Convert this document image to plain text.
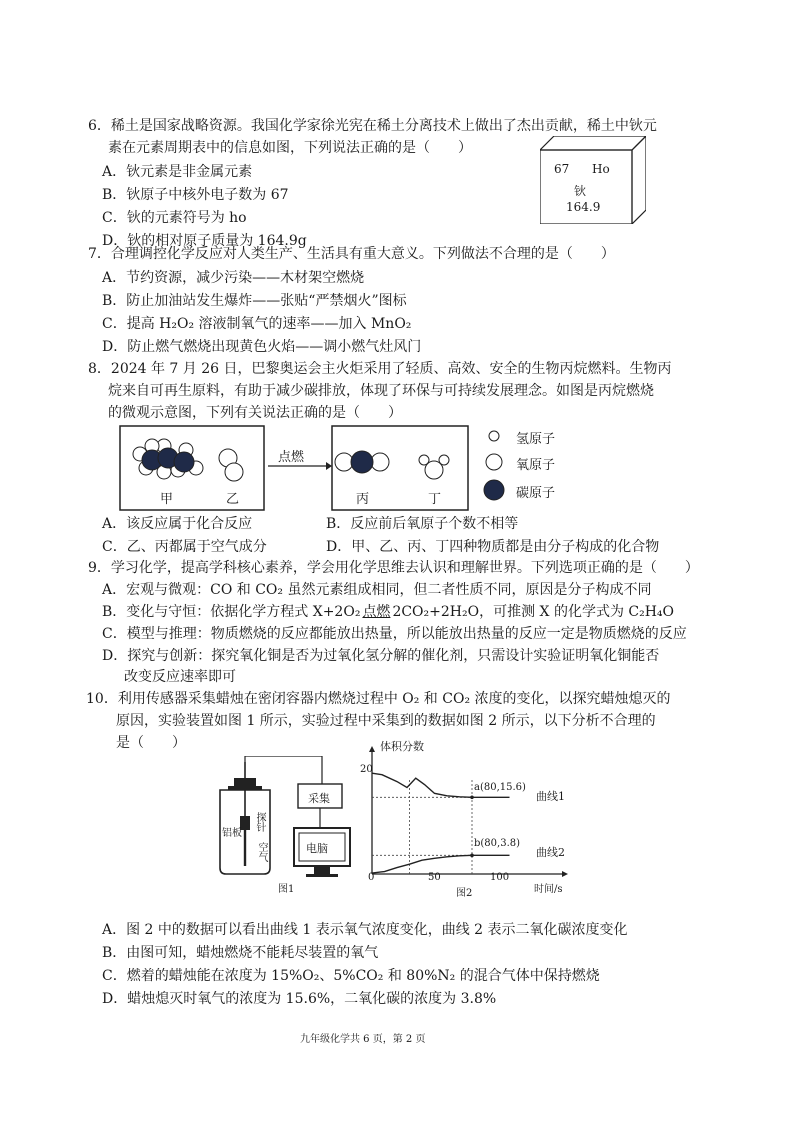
6．稀土是国家战略资源。我国化学家徐光宪在稀土分离技术上做出了杰出贡献，稀土中钬元
素在元素周期表中的信息如图，下列说法正确的是（　　）
A．钬元素是非金属元素
B．钬原子中核外电子数为 67
C．钬的元素符号为 ho
D．钬的相对原子质量为 164.9g
67 Ho
钬
164.9
7．合理调控化学反应对人类生产、生活具有重大意义。下列做法不合理的是（　　）
A．节约资源，减少污染——木材架空燃烧
B．防止加油站发生爆炸——张贴“严禁烟火”图标
C．提高 H₂O₂ 溶液制氧气的速率——加入 MnO₂
D．防止燃气燃烧出现黄色火焰——调小燃气灶风门
8．2024 年 7 月 26 日，巴黎奥运会主火炬采用了轻质、高效、安全的生物丙烷燃料。生物丙
烷来自可再生原料，有助于减少碳排放，体现了环保与可持续发展理念。如图是丙烷燃烧
的微观示意图，下列有关说法正确的是（　　）
点燃
甲	乙	丙	丁
氢原子
氧原子
碳原子
A．该反应属于化合反应	B．反应前后氧原子个数不相等
C．乙、丙都属于空气成分	D．甲、乙、丙、丁四种物质都是由分子构成的化合物
9．学习化学，提高学科核心素养，学会用化学思维去认识和理解世界。下列选项正确的是（　　）
A．宏观与微观：CO 和 CO₂ 虽然元素组成相同，但二者性质不同，原因是分子构成不同
B．变化与守恒：依据化学方程式 X+2O₂ 点燃 2CO₂+2H₂O，可推测 X 的化学式为 C₂H₄O
C．模型与推理：物质燃烧的反应都能放出热量，所以能放出热量的反应一定是物质燃烧的反应
D．探究与创新：探究氧化铜是否为过氧化氢分解的催化剂，只需设计实验证明氧化铜能否
改变反应速率即可
10．利用传感器采集蜡烛在密闭容器内燃烧过程中 O₂ 和 CO₂ 浓度的变化，以探究蜡烛熄灭的
原因，实验装置如图 1 所示，实验过程中采集到的数据如图 2 所示，以下分析不合理的
是（　　）
采集
电脑
铝板
探针
空气
图1
体积分数
20
0	50	100
时间/s
图2
a(80,15.6)
b(80,3.8)
曲线1
曲线2
A．图 2 中的数据可以看出曲线 1 表示氧气浓度变化，曲线 2 表示二氧化碳浓度变化
B．由图可知，蜡烛燃烧不能耗尽装置的氧气
C．燃着的蜡烛能在浓度为 15%O₂、5%CO₂ 和 80%N₂ 的混合气体中保持燃烧
D．蜡烛熄灭时氧气的浓度为 15.6%，二氧化碳的浓度为 3.8%
九年级化学共 6 页，第 2 页
